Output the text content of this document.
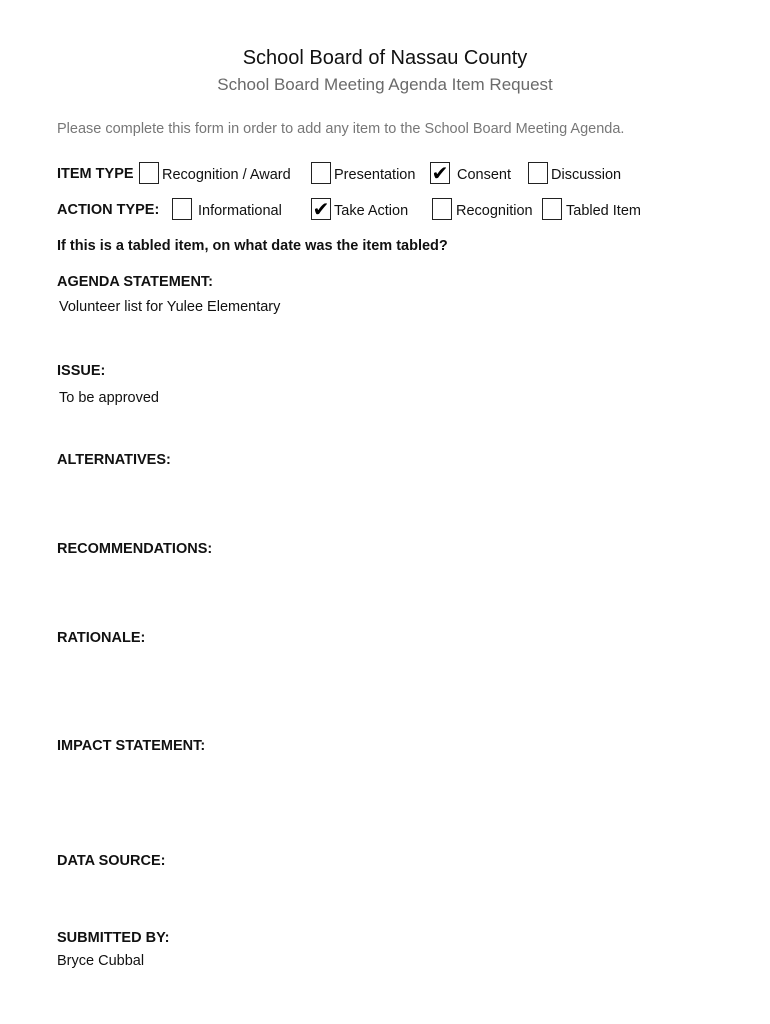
School Board of Nassau County
School Board Meeting Agenda Item Request
Please complete this form in order to add any item to the School Board Meeting Agenda.
ITEM TYPE Recognition / Award	Presentation ✔ Consent	Discussion
ACTION TYPE:	Informational ✔ Take Action	Recognition Tabled Item
If this is a tabled item, on what date was the item tabled?
AGENDA STATEMENT:
Volunteer list for Yulee Elementary
ISSUE:
To be approved
ALTERNATIVES:
RECOMMENDATIONS:
RATIONALE:
IMPACT STATEMENT:
DATA SOURCE:
SUBMITTED BY:
Bryce Cubbal
